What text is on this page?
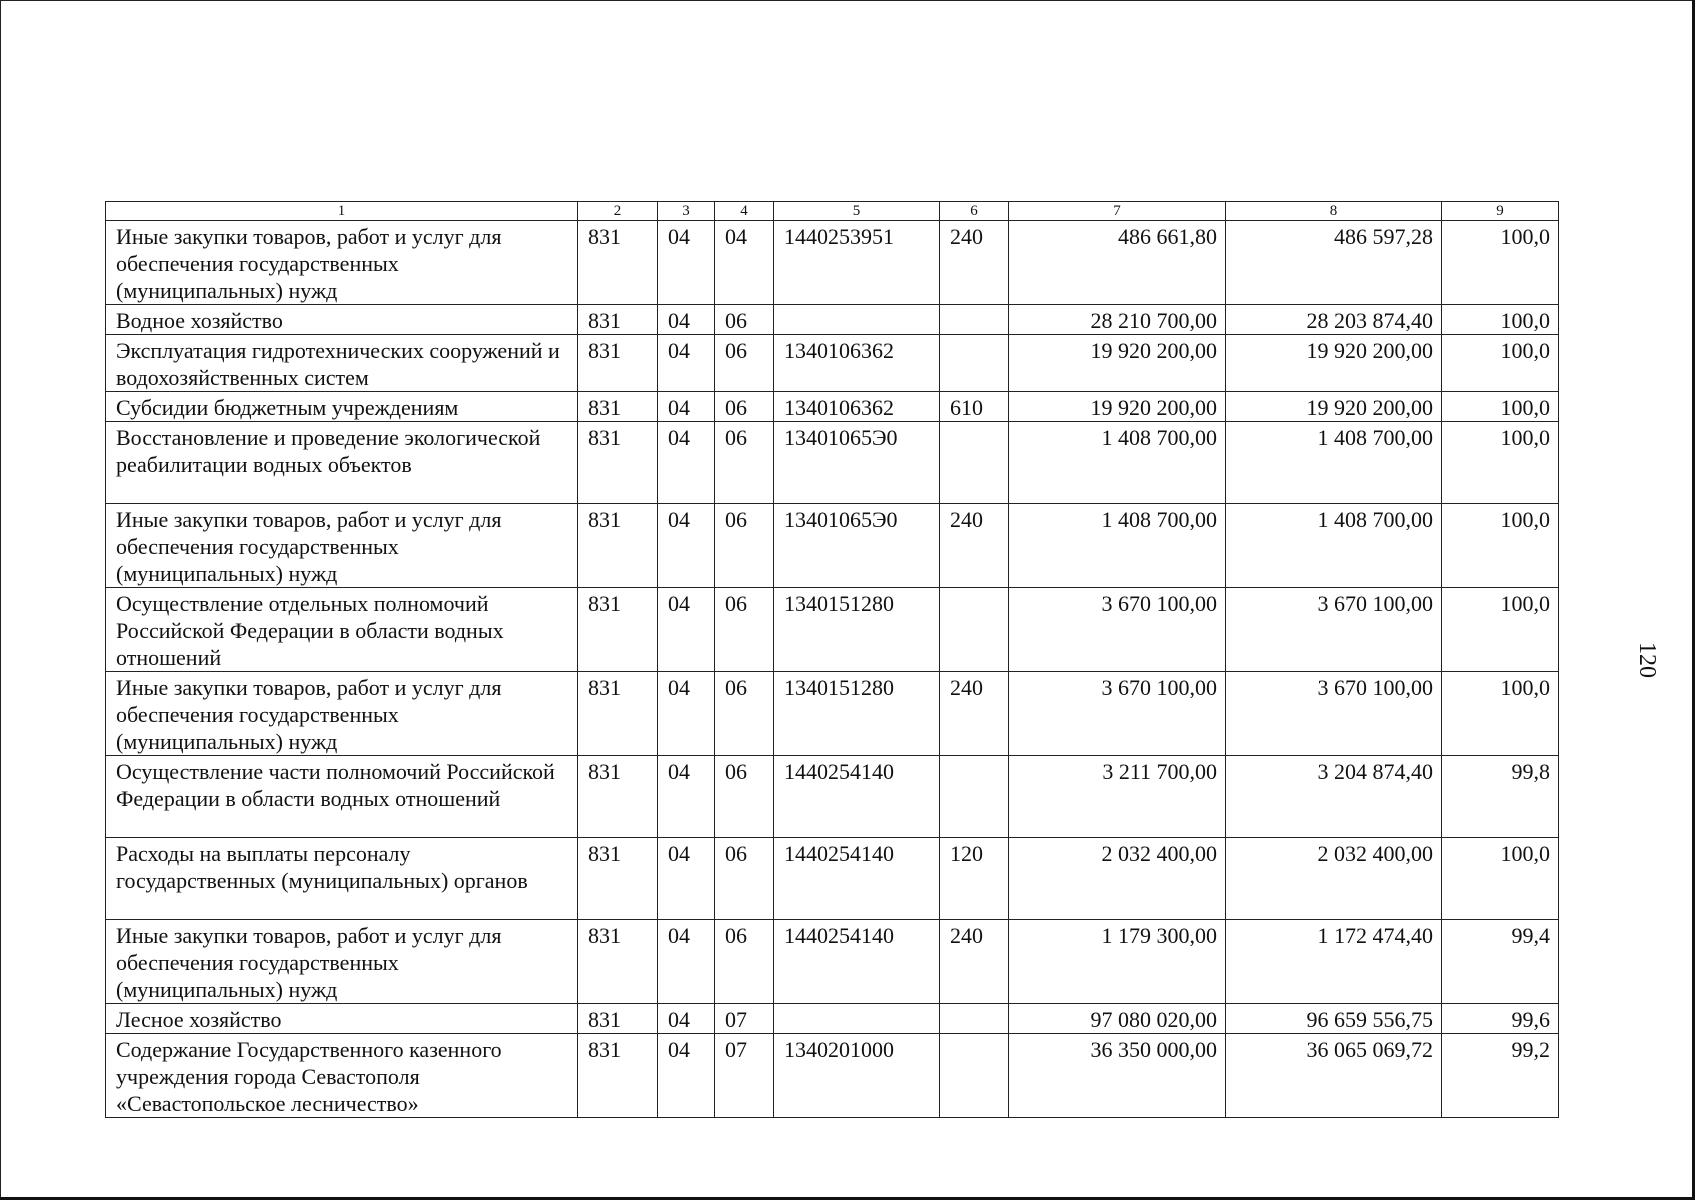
1	2	3	4	5	6	7	8	9
Иные закупки товаров, работ и услуг для обеспечения государственных (муниципальных) нужд	831	04	04	1440253951	240	486 661,80	486 597,28	100,0
Водное хозяйство	831	04	06			28 210 700,00	28 203 874,40	100,0
Эксплуатация гидротехнических сооружений и водохозяйственных систем	831	04	06	1340106362		19 920 200,00	19 920 200,00	100,0
Субсидии бюджетным учреждениям	831	04	06	1340106362	610	19 920 200,00	19 920 200,00	100,0
Восстановление и проведение экологической реабилитации водных объектов	831	04	06	13401065Э0		1 408 700,00	1 408 700,00	100,0
Иные закупки товаров, работ и услуг для обеспечения государственных (муниципальных) нужд	831	04	06	13401065Э0	240	1 408 700,00	1 408 700,00	100,0
Осуществление отдельных полномочий Российской Федерации в области водных отношений	831	04	06	1340151280		3 670 100,00	3 670 100,00	100,0
Иные закупки товаров, работ и услуг для обеспечения государственных (муниципальных) нужд	831	04	06	1340151280	240	3 670 100,00	3 670 100,00	100,0
Осуществление части полномочий Российской Федерации в области водных отношений	831	04	06	1440254140		3 211 700,00	3 204 874,40	99,8
Расходы на выплаты персоналу государственных (муниципальных) органов	831	04	06	1440254140	120	2 032 400,00	2 032 400,00	100,0
Иные закупки товаров, работ и услуг для обеспечения государственных (муниципальных) нужд	831	04	06	1440254140	240	1 179 300,00	1 172 474,40	99,4
Лесное хозяйство	831	04	07			97 080 020,00	96 659 556,75	99,6
Содержание Государственного казенного учреждения города Севастополя «Севастопольское лесничество»	831	04	07	1340201000		36 350 000,00	36 065 069,72	99,2
120
